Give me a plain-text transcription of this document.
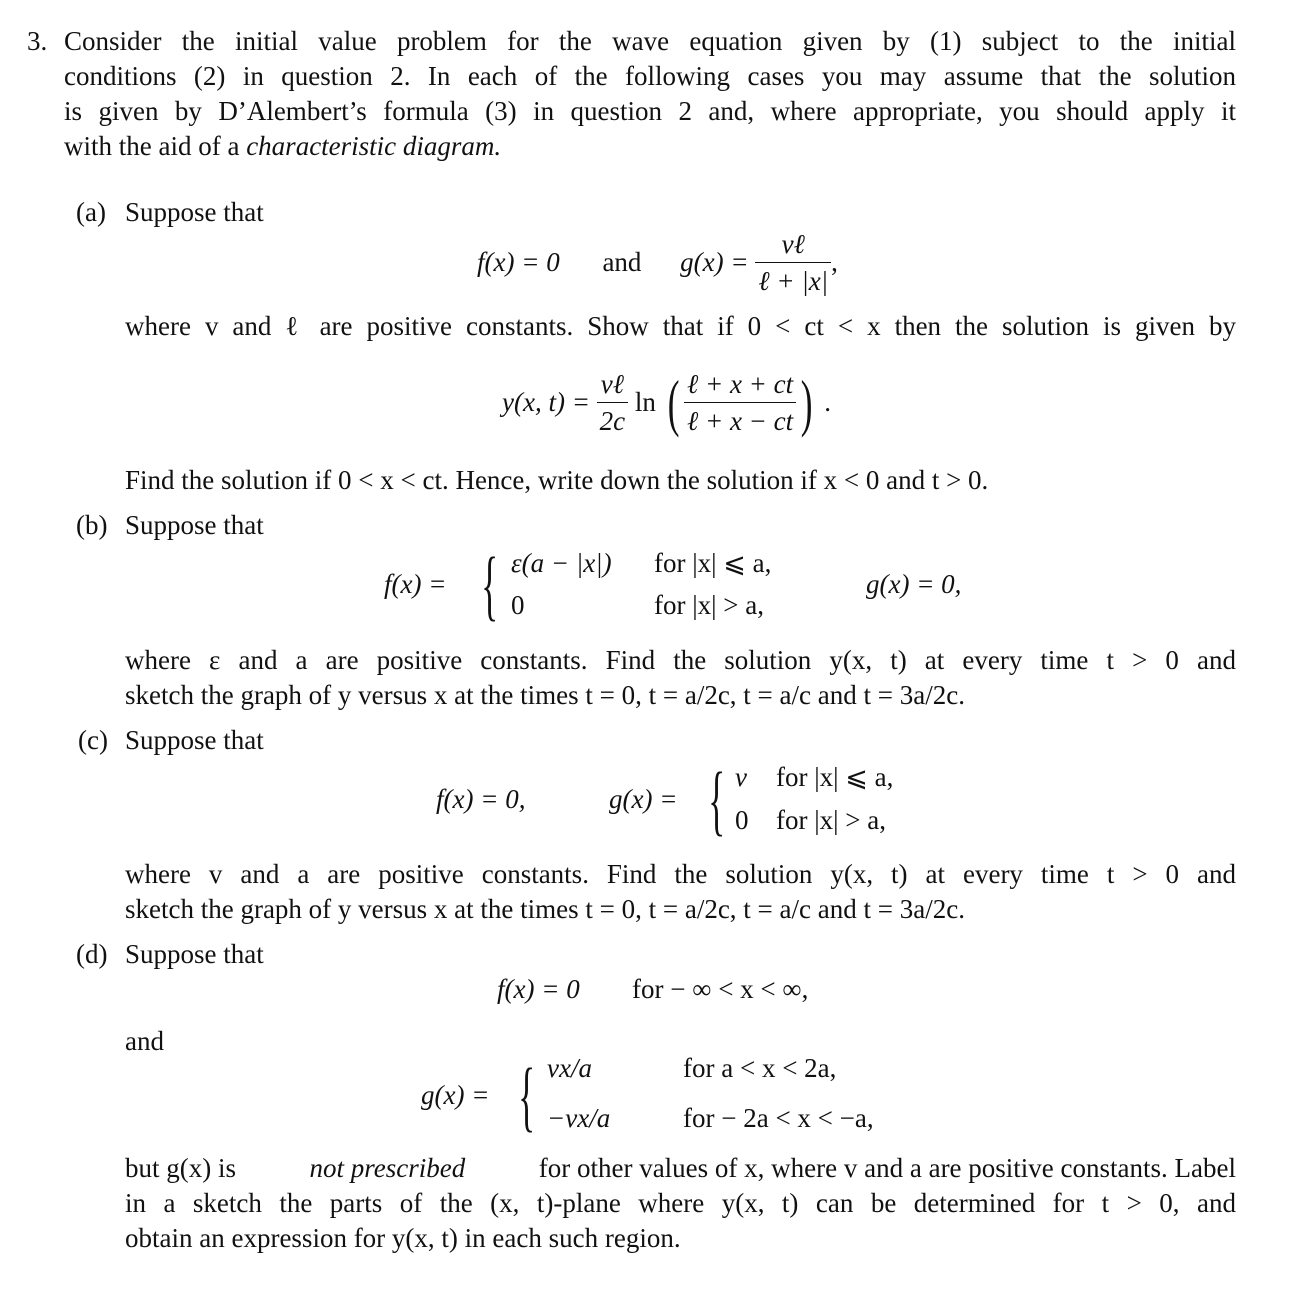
3. Consider the initial value problem for the wave equation given by (1) subject to the initial
conditions (2) in question 2. In each of the following cases you may assume that the solution
is given by D’Alembert’s formula (3) in question 2 and, where appropriate, you should apply it
with the aid of a characteristic diagram.
(a) Suppose that
f(x) = 0 and $g(x) = \frac{\text{vℓ}}{\text{ℓ + |x|}}$ ,
where v and ℓ are positive constants. Show that if 0 < ct < x then the solution is given by
y(x, $t) = \frac{\text{vℓ}}{2c}$ ln ( $\frac{\text{ℓ + x + ct}}{\text{ℓ + x − ct}}$ ) .
Find the solution if 0 < x < ct. Hence, write down the solution if x < 0 and t > 0.
(b) Suppose that
f(x) = { ε(a − |x|) for |x| ⩽ a,
0	for |x| > a,
g(x) = 0,
where ε and a are positive constants. Find the solution y(x, t) at every time t > 0 and
sketch the graph of y versus x at the times t = 0, t = a/2c, t = a/c and t = 3a/2c.
(c) Suppose that
f(x) = 0,	g(x) = { v for |x| ⩽ a,
0 for |x| > a,
where v and a are positive constants. Find the solution y(x, t) at every time t > 0 and
sketch the graph of y versus x at the times t = 0, t = a/2c, t = a/c and t = 3a/2c.
(d) Suppose that
f(x) = 0 for − ∞ < x < ∞,
and
g(x) = { vx/a	for a < x < 2a,
−vx/a	for − 2a < x < −a,
but g(x) is	not prescribed	for other values of x, where v and a are positive constants. Label
in a sketch the parts of the (x, t)-plane where y(x, t) can be determined for t > 0, and
obtain an expression for y(x, t) in each such region.
